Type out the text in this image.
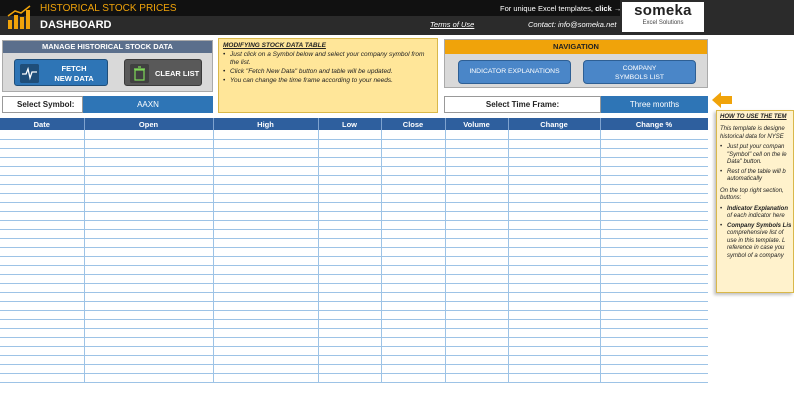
HISTORICAL STOCK PRICES
DASHBOARD
For unique Excel templates, click →
Terms of Use	Contact: info@someka.net
someka
Excel Solutions
MANAGE HISTORICAL STOCK DATA
FETCH
NEW DATA
CLEAR LIST
MODIFYING STOCK DATA TABLE
• Just click on a Symbol below and select your company symbol from the list.
• Click "Fetch New Data" button and table will be updated.
• You can change the time frame according to your needs.
NAVIGATION
INDICATOR EXPLANATIONS	COMPANY
SYMBOLS LIST
Select Symbol:	AAXN	Select Time Frame:	Three months
HOW TO USE THE TEM

This template is designe

historical data for NYSE

• Just put your compan
"Symbol" cell on the le
Data" button.
• Rest of the table will b
automatically

On the top right section,

buttons:

• Indicator Explanation
of each indicator here
• Company Symbols Lis
comprehensive list of
use in this template. L
reference in case you
symbol of a company
Date	Open	High	Low	Close	Volume	Change	Change %
